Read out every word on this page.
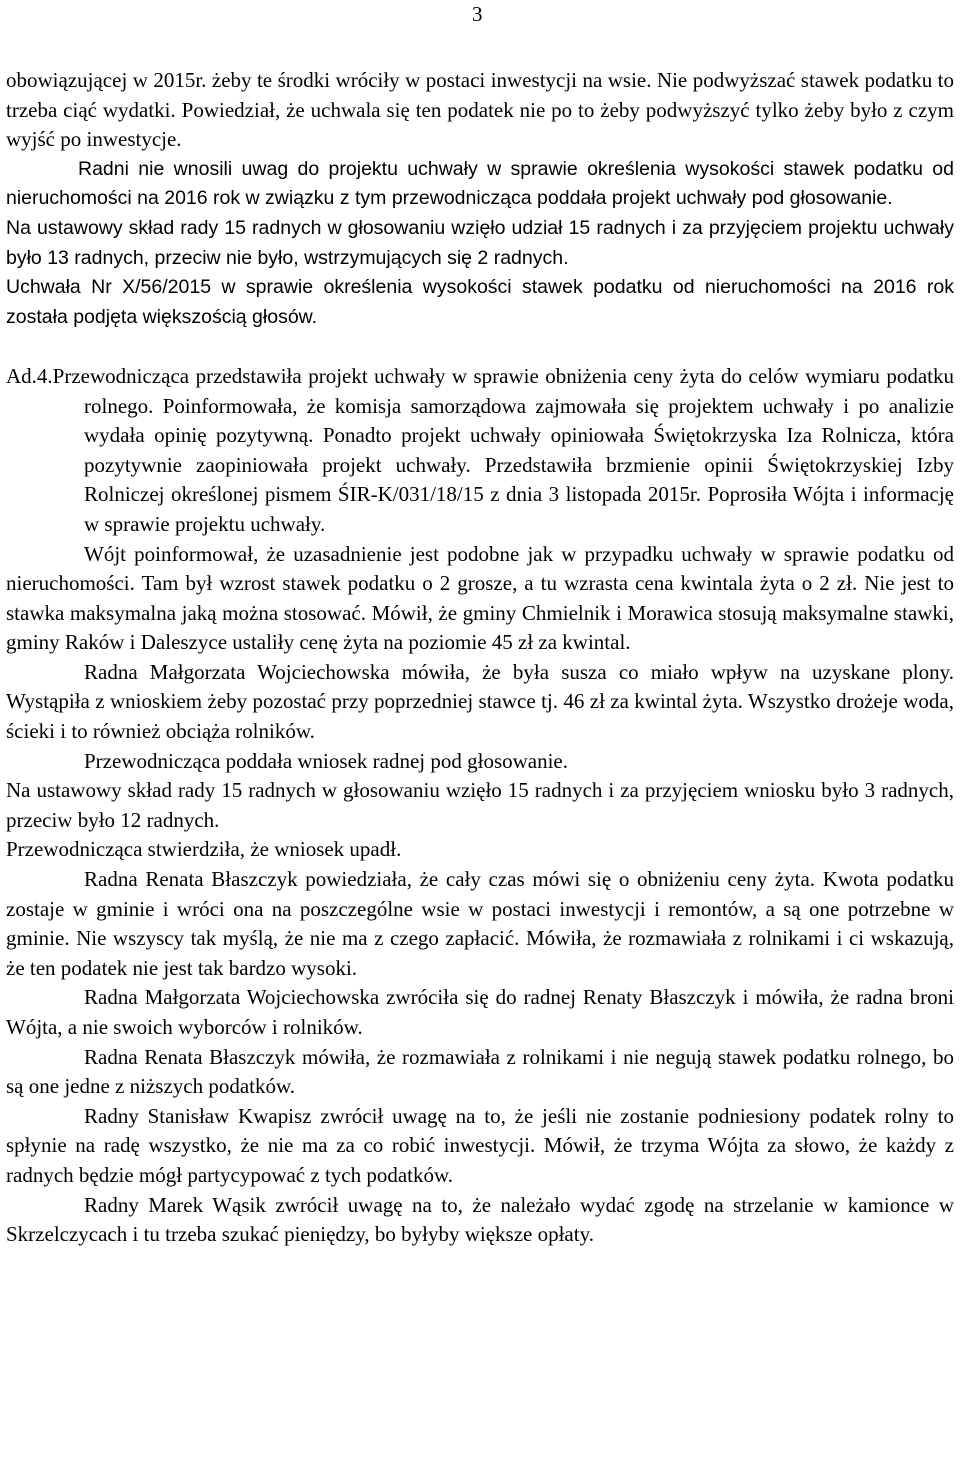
3

obowiązującej w 2015r. żeby te środki wróciły w postaci inwestycji na wsie. Nie podwyższać stawek podatku to trzeba ciąć wydatki. Powiedział, że uchwala się ten podatek nie po to żeby podwyższyć tylko żeby było z czym wyjść po inwestycje.

Radni nie wnosili uwag do projektu uchwały w sprawie określenia wysokości stawek podatku od nieruchomości na 2016 rok w związku z tym przewodnicząca poddała projekt uchwały pod głosowanie.

Na ustawowy skład rady 15 radnych w głosowaniu wzięło udział 15 radnych i za przyjęciem projektu uchwały było 13 radnych, przeciw nie było, wstrzymujących się 2 radnych.

Uchwała Nr X/56/2015 w sprawie określenia wysokości stawek podatku od nieruchomości na 2016 rok została podjęta większością głosów.

Ad.4.Przewodnicząca przedstawiła projekt uchwały w sprawie obniżenia ceny żyta do celów wymiaru podatku rolnego. Poinformowała, że komisja samorządowa zajmowała się projektem uchwały i po analizie wydała opinię pozytywną. Ponadto projekt uchwały opiniowała Świętokrzyska Iza Rolnicza, która pozytywnie zaopiniowała projekt uchwały. Przedstawiła brzmienie opinii Świętokrzyskiej Izby Rolniczej określonej pismem ŚIR-K/031/18/15 z dnia 3 listopada 2015r. Poprosiła Wójta i informację w sprawie projektu uchwały.

Wójt poinformował, że uzasadnienie jest podobne jak w przypadku uchwały w sprawie podatku od nieruchomości. Tam był wzrost stawek podatku o 2 grosze, a tu wzrasta cena kwintala żyta o 2 zł. Nie jest to stawka maksymalna jaką można stosować. Mówił, że gminy Chmielnik i Morawica stosują maksymalne stawki, gminy Raków i Daleszyce ustaliły cenę żyta na poziomie 45 zł za kwintal.

Radna Małgorzata Wojciechowska mówiła, że była susza co miało wpływ na uzyskane plony. Wystąpiła z wnioskiem żeby pozostać przy poprzedniej stawce tj. 46 zł za kwintal żyta. Wszystko drożeje woda, ścieki i to również obciąża rolników.

Przewodnicząca poddała wniosek radnej pod głosowanie.

Na ustawowy skład rady 15 radnych w głosowaniu wzięło 15 radnych i za przyjęciem wniosku było 3 radnych, przeciw było 12 radnych.

Przewodnicząca stwierdziła, że wniosek upadł.

Radna Renata Błaszczyk powiedziała, że cały czas mówi się o obniżeniu ceny żyta. Kwota podatku zostaje w gminie i wróci ona na poszczególne wsie w postaci inwestycji i remontów, a są one potrzebne w gminie. Nie wszyscy tak myślą, że nie ma z czego zapłacić. Mówiła, że rozmawiała z rolnikami i ci wskazują, że ten podatek nie jest tak bardzo wysoki.

Radna Małgorzata Wojciechowska zwróciła się do radnej Renaty Błaszczyk i mówiła, że radna broni Wójta, a nie swoich wyborców i rolników.

Radna Renata Błaszczyk mówiła, że rozmawiała z rolnikami i nie negują stawek podatku rolnego, bo są one jedne z niższych podatków.

Radny Stanisław Kwapisz zwrócił uwagę na to, że jeśli nie zostanie podniesiony podatek rolny to spłynie na radę wszystko, że nie ma za co robić inwestycji. Mówił, że trzyma Wójta za słowo, że każdy z radnych będzie mógł partycypować z tych podatków.

Radny Marek Wąsik zwrócił uwagę na to, że należało wydać zgodę na strzelanie w kamionce w Skrzelczycach i tu trzeba szukać pieniędzy, bo byłyby większe opłaty.
